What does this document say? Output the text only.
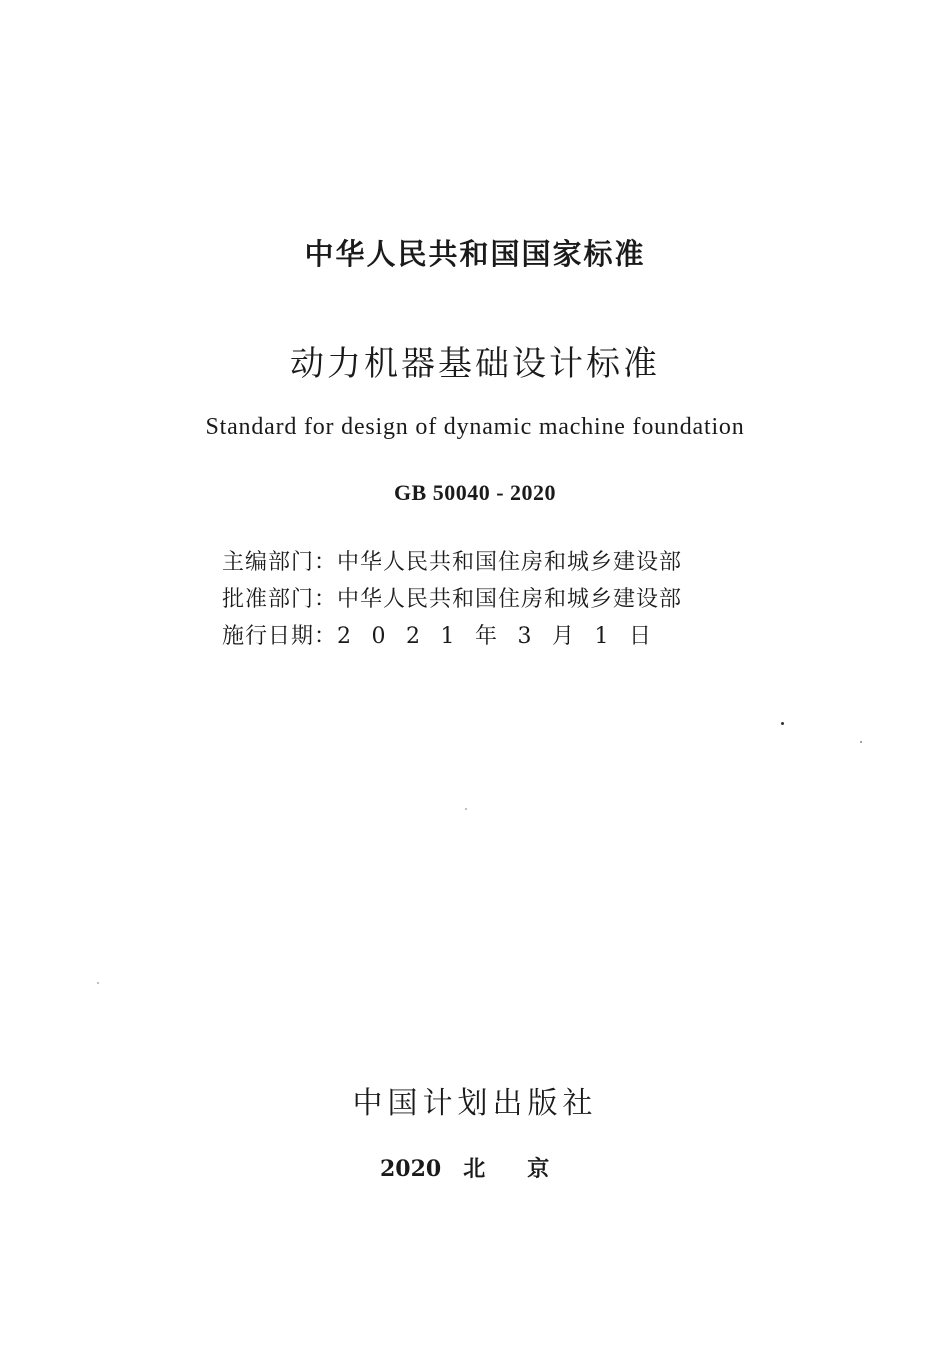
中华人民共和国国家标准
动力机器基础设计标准
Standard for design of dynamic machine foundation
GB 50040 - 2020
主编部门：中华人民共和国住房和城乡建设部
批准部门：中华人民共和国住房和城乡建设部
施行日期：2021年3月1日
中国计划出版社
2020 北京
